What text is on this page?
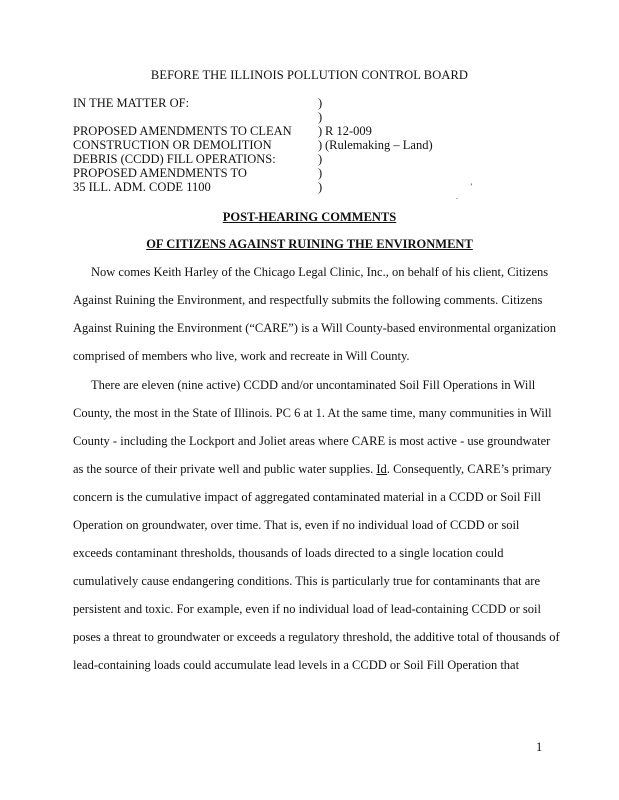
BEFORE THE ILLINOIS POLLUTION CONTROL BOARD
IN THE MATTER OF:
PROPOSED AMENDMENTS TO CLEAN
CONSTRUCTION OR DEMOLITION
DEBRIS (CCDD) FILL OPERATIONS:
PROPOSED AMENDMENTS TO
35 ILL. ADM. CODE 1100
)
)
)
)
)
)
)
R 12-009
(Rulemaking – Land)
’
.
POST-HEARING COMMENTS
OF CITIZENS AGAINST RUINING THE ENVIRONMENT
Now comes Keith Harley of the Chicago Legal Clinic, Inc., on behalf of his client, Citizens
Against Ruining the Environment, and respectfully submits the following comments. Citizens
Against Ruining the Environment (“CARE”) is a Will County-based environmental organization
comprised of members who live, work and recreate in Will County.
There are eleven (nine active) CCDD and/or uncontaminated Soil Fill Operations in Will
County, the most in the State of Illinois. PC 6 at 1. At the same time, many communities in Will
County - including the Lockport and Joliet areas where CARE is most active - use groundwater
as the source of their private well and public water supplies. Id. Consequently, CARE’s primary
concern is the cumulative impact of aggregated contaminated material in a CCDD or Soil Fill
Operation on groundwater, over time. That is, even if no individual load of CCDD or soil
exceeds contaminant thresholds, thousands of loads directed to a single location could
cumulatively cause endangering conditions. This is particularly true for contaminants that are
persistent and toxic. For example, even if no individual load of lead-containing CCDD or soil
poses a threat to groundwater or exceeds a regulatory threshold, the additive total of thousands of
lead-containing loads could accumulate lead levels in a CCDD or Soil Fill Operation that
1
